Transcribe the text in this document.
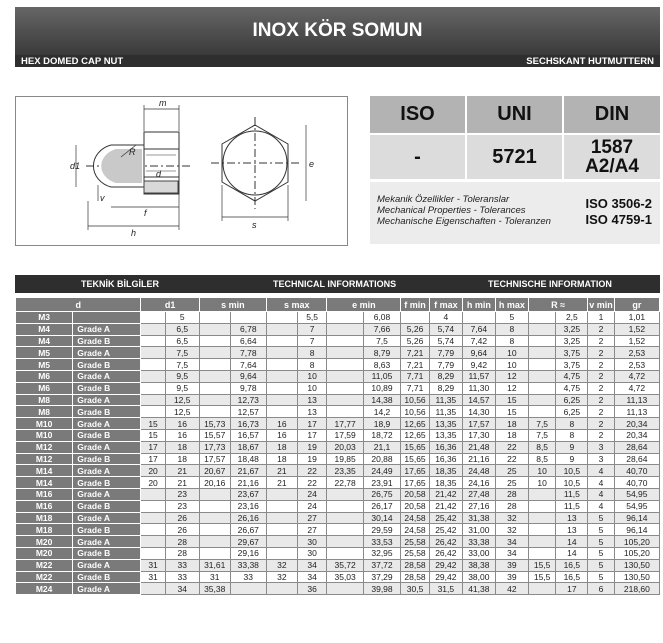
INOX KÖR SOMUN
HEX DOMED CAP NUT	SECHSKANT HUTMUTTERN
m
R
d1
d
v
f
h
e
s
ISO	UNI	DIN
-	5721	1587
A2/A4
Mekanik Özellikler - Toleranslar
Mechanical Properties - Tolerances
Mechanische Eigenschaften - Toleranzen
ISO 3506-2
ISO 4759-1
TEKNİK BİLGİLER	TECHNICAL INFORMATIONS	TECHNISCHE INFORMATION
d		d1		s min		s max		e min		f min	f max	h min	h max	R ≈		v min	gr
M3			5				5,5		6,08		4		5		2,5	1	1,01
M4	Grade A		6,5		6,78		7		7,66	5,26	5,74	7,64	8		3,25	2	1,52
M4	Grade B		6,5		6,64		7		7,5	5,26	5,74	7,42	8		3,25	2	1,52
M5	Grade A		7,5		7,78		8		8,79	7,21	7,79	9,64	10		3,75	2	2,53
M5	Grade B		7,5		7,64		8		8,63	7,21	7,79	9,42	10		3,75	2	2,53
M6	Grade A		9,5		9,64		10		11,05	7,71	8,29	11,57	12		4,75	2	4,72
M6	Grade B		9,5		9,78		10		10,89	7,71	8,29	11,30	12		4,75	2	4,72
M8	Grade A		12,5		12,73		13		14,38	10,56	11,35	14,57	15		6,25	2	11,13
M8	Grade B		12,5		12,57		13		14,2	10,56	11,35	14,30	15		6,25	2	11,13
M10	Grade A	15	16	15,73	16,73	16	17	17,77	18,9	12,65	13,35	17,57	18	7,5	8	2	20,34
M10	Grade B	15	16	15,57	16,57	16	17	17,59	18,72	12,65	13,35	17,30	18	7,5	8	2	20,34
M12	Grade A	17	18	17,73	18,67	18	19	20,03	21,1	15,65	16,36	21,48	22	8,5	9	3	28,64
M12	Grade B	17	18	17,57	18,48	18	19	19,85	20,88	15,65	16,36	21,16	22	8,5	9	3	28,64
M14	Grade A	20	21	20,67	21,67	21	22	23,35	24,49	17,65	18,35	24,48	25	10	10,5	4	40,70
M14	Grade B	20	21	20,16	21,16	21	22	22,78	23,91	17,65	18,35	24,16	25	10	10,5	4	40,70
M16	Grade A		23		23,67		24		26,75	20,58	21,42	27,48	28		11,5	4	54,95
M16	Grade B		23		23,16		24		26,17	20,58	21,42	27,16	28		11,5	4	54,95
M18	Grade A		26		26,16		27		30,14	24,58	25,42	31,38	32		13	5	96,14
M18	Grade B		26		26,67		27		29,59	24,58	25,42	31,00	32		13	5	96,14
M20	Grade A		28		29,67		30		33,53	25,58	26,42	33,38	34		14	5	105,20
M20	Grade B		28		29,16		30		32,95	25,58	26,42	33,00	34		14	5	105,20
M22	Grade A	31	33	31,61	33,38	32	34	35,72	37,72	28,58	29,42	38,38	39	15,5	16,5	5	130,50
M22	Grade B	31	33	31	33	32	34	35,03	37,29	28,58	29,42	38,00	39	15,5	16,5	5	130,50
M24	Grade A		34	35,38			36		39,98	30,5	31,5	41,38	42		17	6	218,60
